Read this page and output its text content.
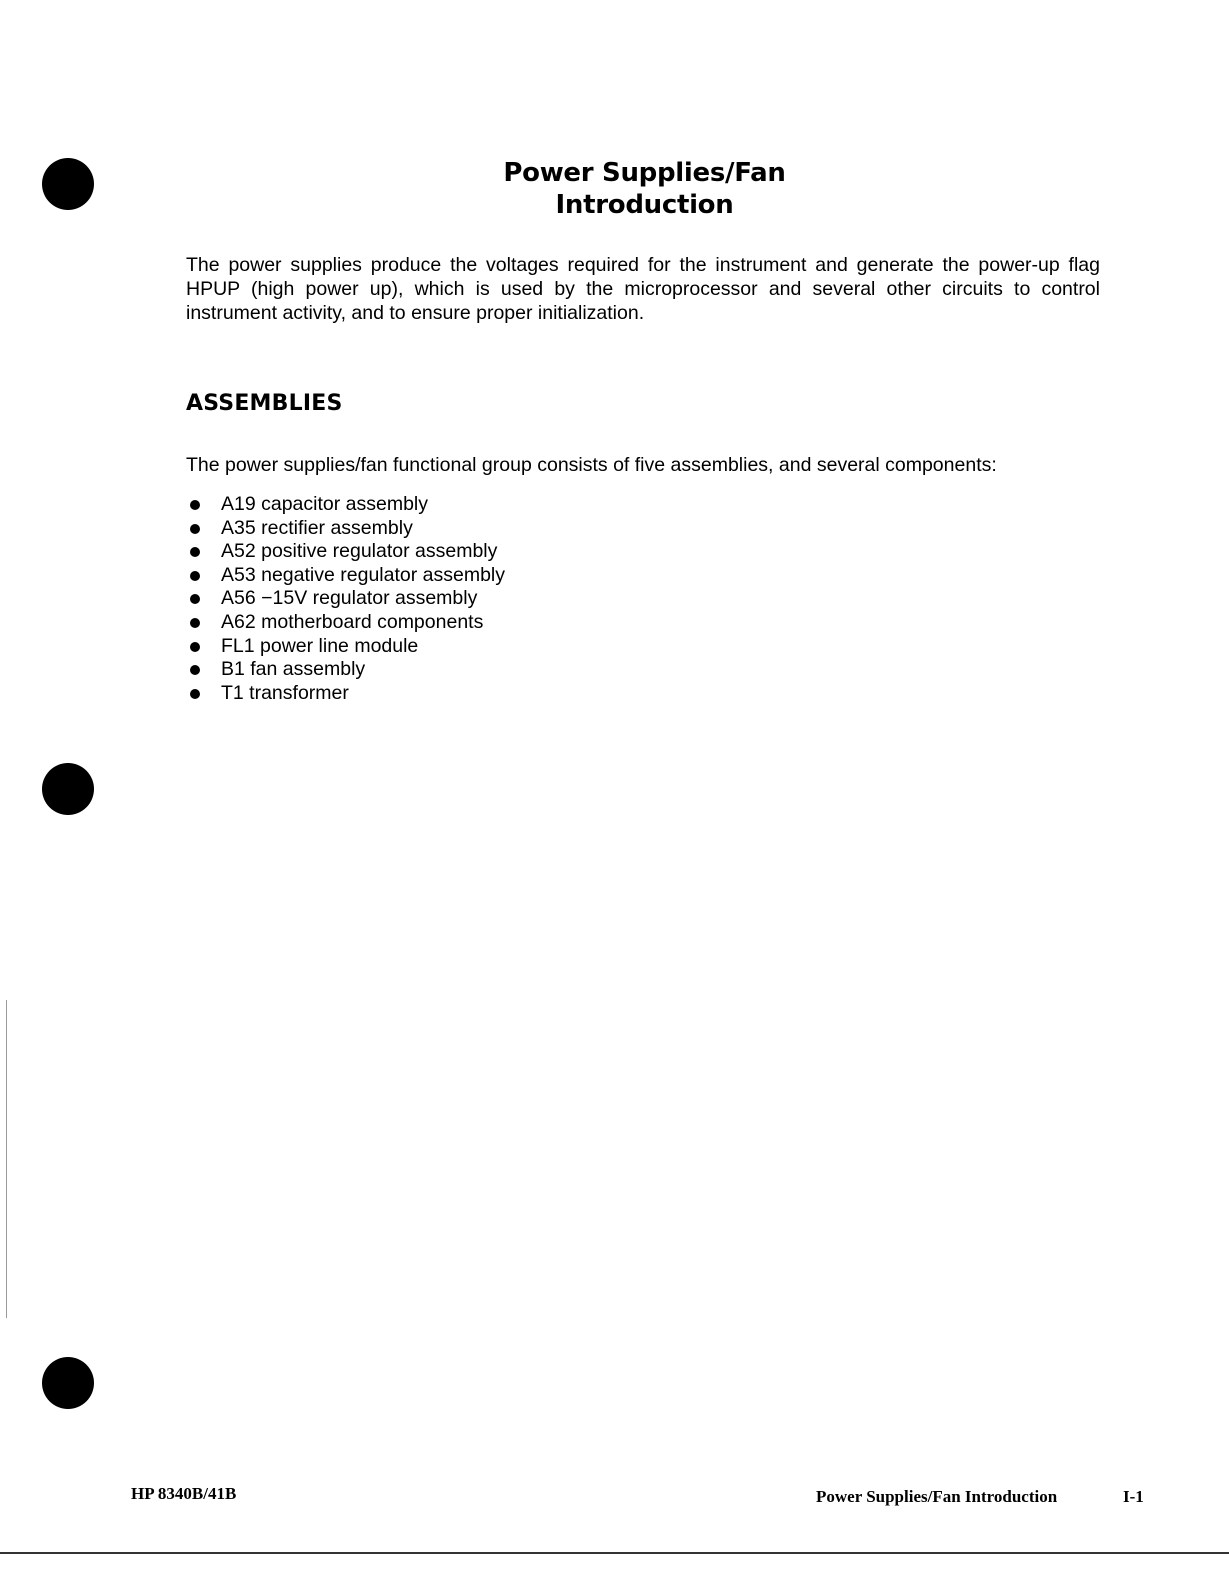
Power Supplies/Fan
Introduction

The power supplies produce the voltages required for the instrument and generate the power-up flag HPUP (high power up), which is used by the microprocessor and several other circuits to control instrument activity, and to ensure proper initialization.

ASSEMBLIES

The power supplies/fan functional group consists of five assemblies, and several components:

A19 capacitor assembly
A35 rectifier assembly
A52 positive regulator assembly
A53 negative regulator assembly
A56 −15V regulator assembly
A62 motherboard components
FL1 power line module
B1 fan assembly
T1 transformer
HP 8340B/41B	Power Supplies/Fan Introduction	I-1
